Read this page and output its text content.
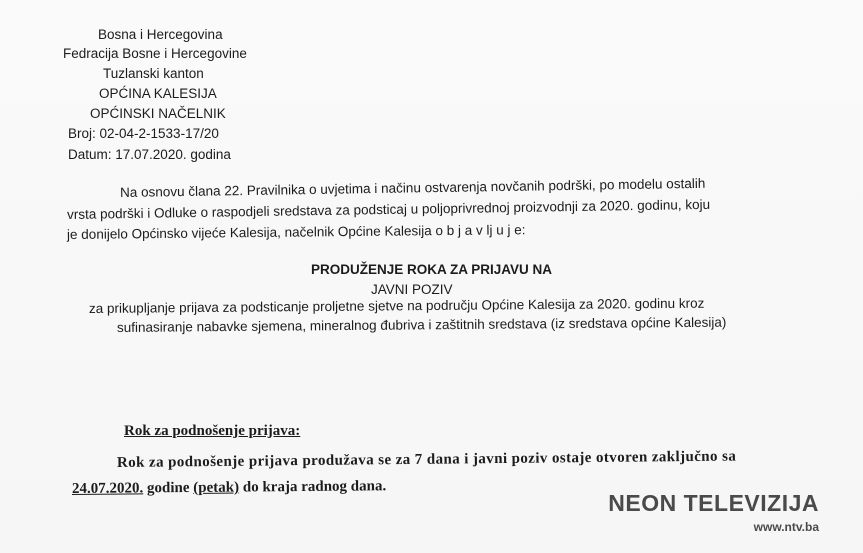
Bosna i Hercegovina
Fedracija Bosne i Hercegovine
Tuzlanski kanton
OPĆINA KALESIJA
OPĆINSKI NAČELNIK
Broj: 02-04-2-1533-17/20
Datum: 17.07.2020. godina
Na osnovu člana 22. Pravilnika o uvjetima i načinu ostvarenja novčanih podrški, po modelu ostalih
vrsta podrški i Odluke o raspodjeli sredstava za podsticaj u poljoprivrednoj proizvodnji za 2020. godinu, koju
je donijelo Općinsko vijeće Kalesija, načelnik Općine Kalesija o b j a v lj u j e:
PRODUŽENJE ROKA ZA PRIJAVU NA
JAVNI POZIV
za prikupljanje prijava za podsticanje proljetne sjetve na području Općine Kalesija za 2020. godinu kroz
sufinasiranje nabavke sjemena, mineralnog đubriva i zaštitnih sredstava (iz sredstava općine Kalesija)
Rok za podnošenje prijava:
Rok za podnošenje prijava produžava se za 7 dana i javni poziv ostaje otvoren zaključno sa
24.07.2020. godine (petak) do kraja radnog dana.
NEON TELEVIZIJA
www.ntv.ba
